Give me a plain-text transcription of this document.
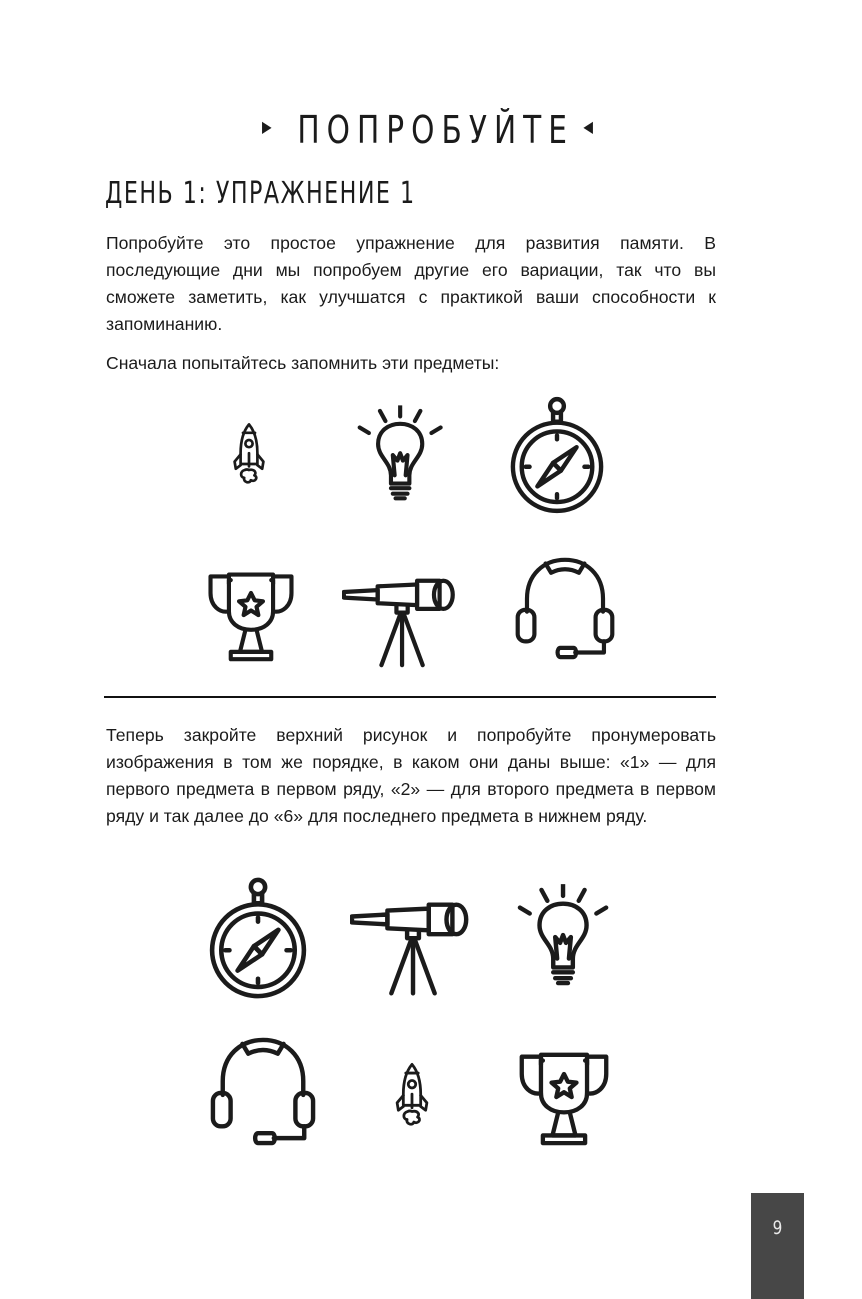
▶ ПОПРОБУЙТЕ ◀
ДЕНЬ 1: УПРАЖНЕНИЕ 1
Попробуйте это простое упражнение для развития памяти. В последующие дни мы попробуем другие его вариации, так что вы сможете заметить, как улучшатся с практикой ваши способности к запоминанию.
Сначала попытайтесь запомнить эти предметы:
Теперь закройте верхний рисунок и попробуйте пронумеровать изображения в том же порядке, в каком они даны выше: «1» — для первого предмета в первом ряду, «2» — для второго предмета в первом ряду и так далее до «6» для последнего предмета в нижнем ряду.
9
